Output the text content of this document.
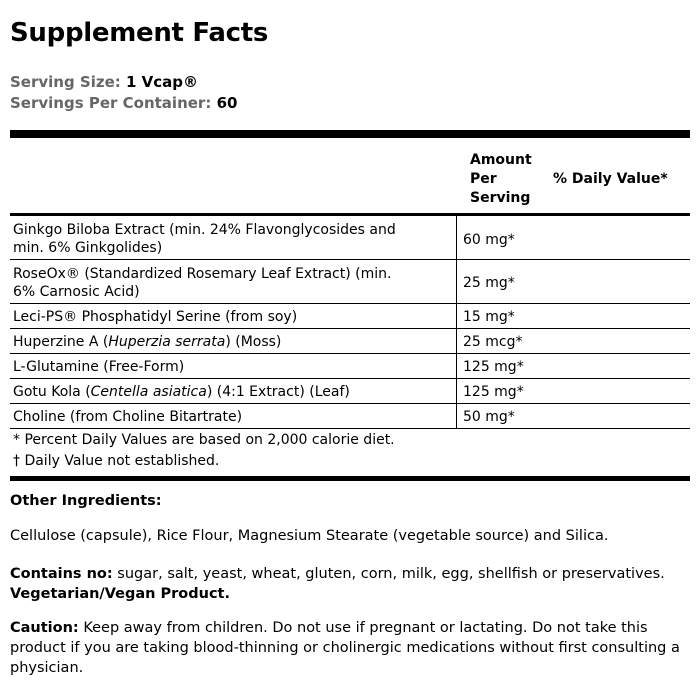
Supplement Facts
Serving Size: 1 Vcap®
Servings Per Container: 60
Amount
Per
Serving
% Daily Value*
Ginkgo Biloba Extract (min. 24% Flavonglycosides and
min. 6% Ginkgolides)	60 mg*
RoseOx® (Standardized Rosemary Leaf Extract) (min.
6% Carnosic Acid)
25 mg*
Leci-PS® Phosphatidyl Serine (from soy)	15 mg*
Huperzine A (Huperzia serrata) (Moss)	25 mcg*
L-Glutamine (Free-Form)	125 mg*
Gotu Kola (Centella asiatica) (4:1 Extract) (Leaf)	125 mg*
Choline (from Choline Bitartrate)	50 mg*
* Percent Daily Values are based on 2,000 calorie diet.
† Daily Value not established.
Other Ingredients:
Cellulose (capsule), Rice Flour, Magnesium Stearate (vegetable source) and Silica.
Contains no: sugar, salt, yeast, wheat, gluten, corn, milk, egg, shellfish or preservatives. Vegetarian/Vegan Product.
Caution: Keep away from children. Do not use if pregnant or lactating. Do not take this product if you are taking blood-thinning or cholinergic medications without first consulting a physician.
